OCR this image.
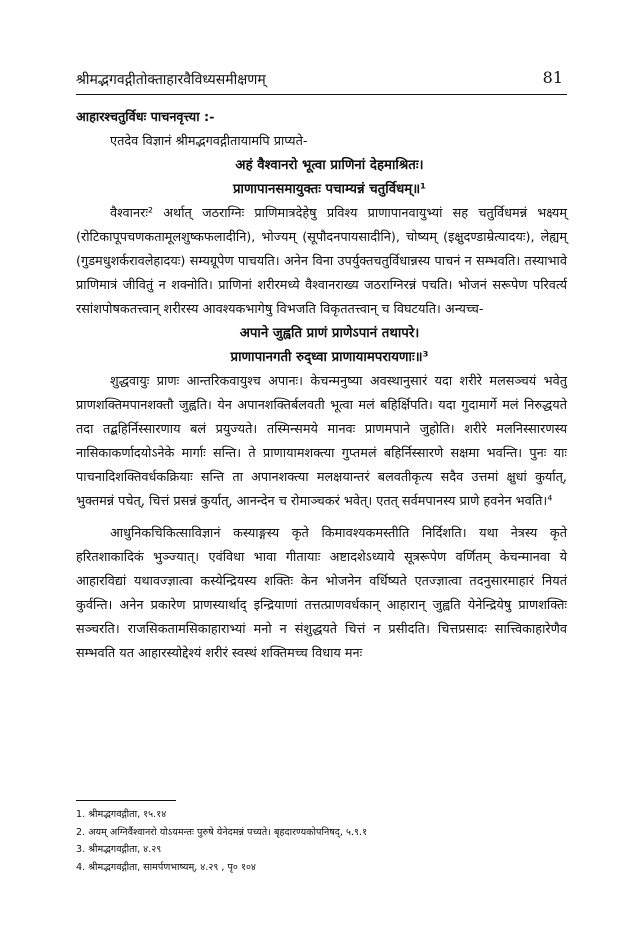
श्रीमद्भगवद्गीतोक्ताहारवैविध्यसमीक्षणम्	81

आहारश्चतुर्विधः पाचनवृत्त्या :-

एतदेव विज्ञानं श्रीमद्भगवद्गीतायामपि प्राप्यते-

अहं वैश्वानरो भूत्वा प्राणिनां देहमाश्रितः।

प्राणापानसमायुक्तः पचाम्यन्नं चतुर्विधम्॥¹

वैश्वानरः² अर्थात् जठराग्निः प्राणिमात्रदेहेषु प्रविश्य प्राणापानवायुभ्यां सह चतुर्विधमन्नं भक्ष्यम् (रोटिकापूपचणकतामूलशुष्कफलादीनि), भोज्यम् (सूपौदनपायसादीनि), चोष्यम् (इक्षुदण्डाम्रेत्यादयः), लेह्यम् (गुडमधुशर्करावलेहादयः) सम्यग्रूपेण पाचयति। अनेन विना उपर्युक्तचतुर्विधान्नस्य पाचनं न सम्भवति। तस्याभावे प्राणिमात्रं जीवितुं न शक्नोति। प्राणिनां शरीरमध्ये वैश्वानराख्य जठराग्निरन्नं पचति। भोजनं सरूपेण परिवर्त्य रसांशपोषकतत्त्वान् शरीरस्य आवश्यकभागेषु विभजति विकृततत्त्वान् च विघटयति। अन्यच्च-

अपाने जुह्वति प्राणं प्राणेऽपानं तथापरे।

प्राणापानगती रुद्ध्वा प्राणायामपरायणाः॥³

शुद्धवायुः प्राणः आन्तरिकवायुश्च अपानः। केचन्मनुष्या अवस्थानुसारं यदा शरीरे मलसञ्चयं भवेतु प्राणशक्तिमपानशक्तौ जुह्वति। येन अपानशक्तिर्बलवती भूत्वा मलं बहिर्क्षिपति। यदा गुदामार्गे मलं निरुद्धयते तदा तद्बहिर्निस्सारणाय बलं प्रयुज्यते। तस्मिन्समये मानवः प्राणमपाने जुहोति। शरीरे मलनिस्सारणस्य नासिकाकर्णादयोऽनेके मार्गाः सन्ति। ते प्राणायामशक्त्या गुप्तमलं बहिर्निस्सारणे सक्षमा भवन्ति। पुनः याः पाचनादिशक्तिवर्धकक्रियाः सन्ति ता अपानशक्त्या मलक्षयान्तरं बलवतीकृत्य सदैव उत्तमां क्षुधां कुर्यात्, भुक्तमन्नं पचेत्, चित्तं प्रसन्नं कुर्यात्, आनन्देन च रोमाञ्चकरं भवेत्। एतत् सर्वमपानस्य प्राणे हवनेन भवति।⁴

आधुनिकचिकित्साविज्ञानं कस्याङ्गस्य कृते किमावश्यकमस्तीति निर्दिशति। यथा नेत्रस्य कृते हरितशाकादिकं भुञ्ज्यात्। एवंविधा भावा गीतायाः अष्टादशेऽध्याये सूत्ररूपेण वर्णितम्‌ केचन्मानवा ये आहारविद्यां यथावज्ज्ञात्वा कस्येन्द्रियस्य शक्तिः केन भोजनेन वर्धिष्यते एतज्ज्ञात्वा तदनुसारमाहारं नियतं कुर्वन्ति। अनेन प्रकारेण प्राणस्यार्थाद् इन्द्रियाणां तत्तत्प्राणवर्धकान् आहारान् जुह्वति येनेन्द्रियेषु प्राणशक्तिः सञ्चरति। राजसिकतामसिकाहाराभ्यां मनो न संशुद्धयते चित्तं न प्रसीदति। चित्तप्रसादः सात्त्विकाहारेणैव सम्भवति यत आहारस्योद्देश्यं शरीरं स्वस्थं शक्तिमच्च विधाय मनः

1. श्रीमद्भगवद्गीता, १५.१४
2. अयम् अग्निर्वैश्वानरो योऽयमन्तः पुरुषे येनेदमन्नं पच्यते। बृहदारण्यकोपनिषद्, ५.९.१
3. श्रीमद्भगवद्गीता, ४.२९
4. श्रीमद्भगवद्गीता, सामर्पणभाष्यम्, ४.२९ , पृ० १०४
